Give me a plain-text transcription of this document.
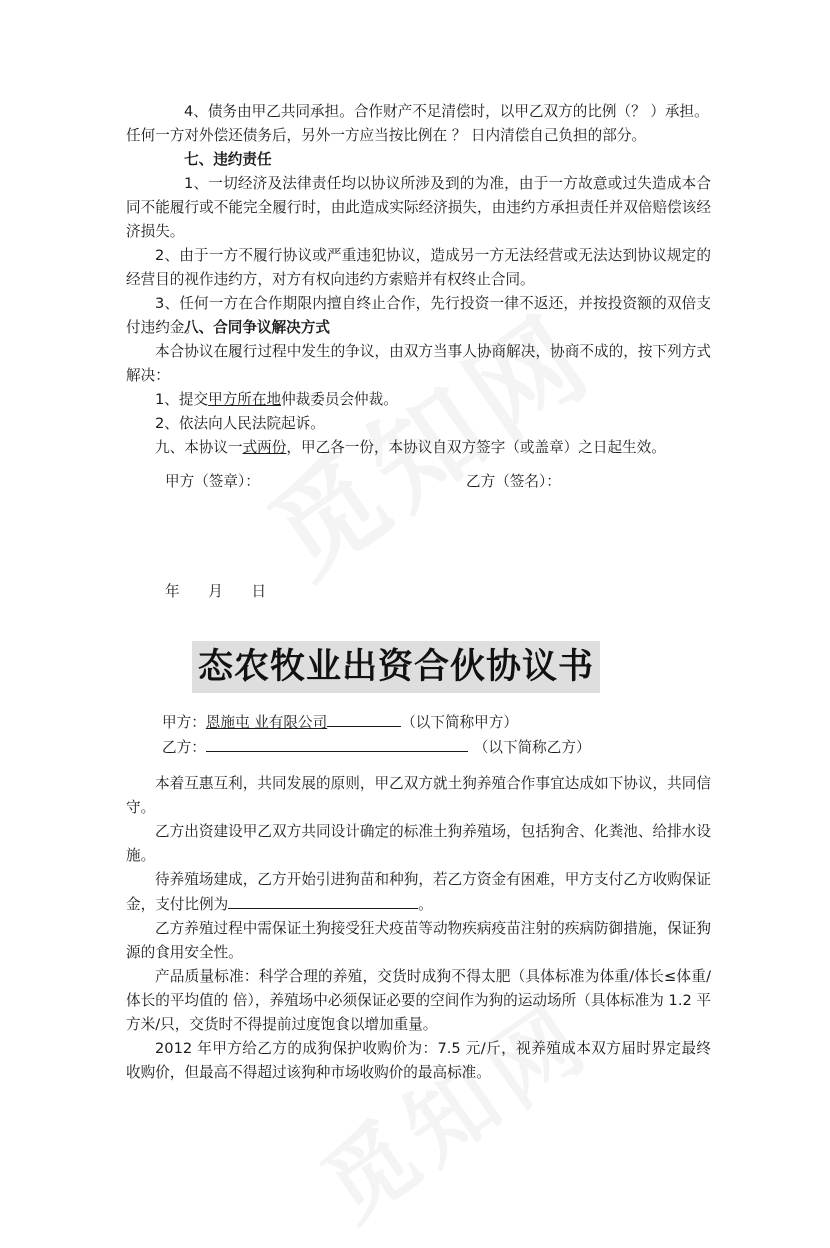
4、债务由甲乙共同承担。合作财产不足清偿时，以甲乙双方的比例（？ ）承担。

任何一方对外偿还债务后，另外一方应当按比例在 ？ 日内清偿自己负担的部分。

七、违约责任

1、一切经济及法律责任均以协议所涉及到的为准，由于一方故意或过失造成本合同不能履行或不能完全履行时，由此造成实际经济损失，由违约方承担责任并双倍赔偿该经济损失。

2、由于一方不履行协议或严重违犯协议，造成另一方无法经营或无法达到协议规定的经营目的视作违约方，对方有权向违约方索赔并有权终止合同。

3、任何一方在合作期限内擅自终止合作，先行投资一律不返还，并按投资额的双倍支付违约金。

八、合同争议解决方式

本合协议在履行过程中发生的争议，由双方当事人协商解决，协商不成的，按下列方式解决：

1、提交甲方所在地仲裁委员会仲裁。

2、依法向人民法院起诉。

九、本协议一式两份，甲乙各一份，本协议自双方签字（或盖章）之日起生效。

甲方（签章）：	乙方（签名）：
年 月 日
态农牧业出资合伙协议书

甲方：恩施屯 业有限公司	（以下简称甲方）

乙方：	（以下简称乙方）

本着互惠互利，共同发展的原则，甲乙双方就土狗养殖合作事宜达成如下协议，共同信守。

乙方出资建设甲乙双方共同设计确定的标准土狗养殖场，包括狗舍、化粪池、给排水设施。

待养殖场建成，乙方开始引进狗苗和种狗，若乙方资金有困难，甲方支付乙方收购保证金，支付比例为	。

乙方养殖过程中需保证土狗接受狂犬疫苗等动物疾病疫苗注射的疾病防御措施，保证狗源的食用安全性。

产品质量标准：科学合理的养殖，交货时成狗不得太肥（具体标准为体重/体长≤体重/体长的平均值的 倍），养殖场中必须保证必要的空间作为狗的运动场所（具体标准为 1.2 平方米/只，交货时不得提前过度饱食以增加重量。

2012 年甲方给乙方的成狗保护收购价为：7.5 元/斤，视养殖成本双方届时界定最终收购价，但最高不得超过该狗种市场收购价的最高标准。
